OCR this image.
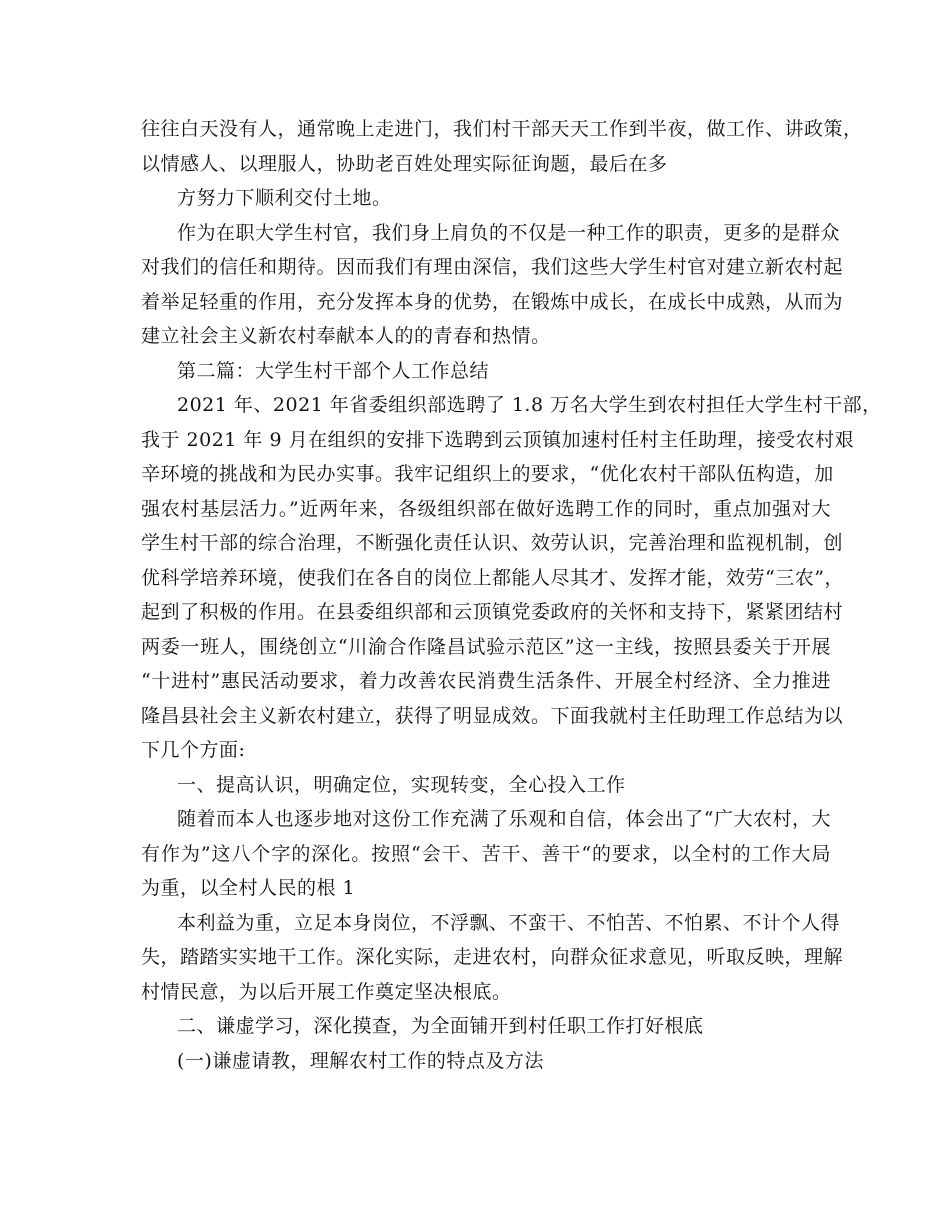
往往白天没有人，通常晚上走进门，我们村干部天天工作到半夜，做工作、讲政策，
以情感人、以理服人，协助老百姓处理实际征询题，最后在多
方努力下顺利交付土地。
作为在职大学生村官，我们身上肩负的不仅是一种工作的职责，更多的是群众
对我们的信任和期待。因而我们有理由深信，我们这些大学生村官对建立新农村起
着举足轻重的作用，充分发挥本身的优势，在锻炼中成长，在成长中成熟，从而为
建立社会主义新农村奉献本人的的青春和热情。
第二篇：大学生村干部个人工作总结
2021 年、2021 年省委组织部选聘了 1.8 万名大学生到农村担任大学生村干部，
我于 2021 年 9 月在组织的安排下选聘到云顶镇加速村任村主任助理，接受农村艰
辛环境的挑战和为民办实事。我牢记组织上的要求，“优化农村干部队伍构造，加
强农村基层活力。”近两年来，各级组织部在做好选聘工作的同时，重点加强对大
学生村干部的综合治理，不断强化责任认识、效劳认识，完善治理和监视机制，创
优科学培养环境，使我们在各自的岗位上都能人尽其才、发挥才能，效劳“三农”，
起到了积极的作用。在县委组织部和云顶镇党委政府的关怀和支持下，紧紧团结村
两委一班人，围绕创立“川渝合作隆昌试验示范区”这一主线，按照县委关于开展
“十进村”惠民活动要求，着力改善农民消费生活条件、开展全村经济、全力推进
隆昌县社会主义新农村建立，获得了明显成效。下面我就村主任助理工作总结为以
下几个方面:
一、提高认识，明确定位，实现转变，全心投入工作
随着而本人也逐步地对这份工作充满了乐观和自信，体会出了“广大农村，大
有作为”这八个字的深化。按照“会干、苦干、善干“的要求，以全村的工作大局
为重，以全村人民的根 1
本利益为重，立足本身岗位，不浮飘、不蛮干、不怕苦、不怕累、不计个人得
失，踏踏实实地干工作。深化实际，走进农村，向群众征求意见，听取反映，理解
村情民意，为以后开展工作奠定坚决根底。
二、谦虚学习，深化摸查，为全面铺开到村任职工作打好根底
(一)谦虚请教，理解农村工作的特点及方法
